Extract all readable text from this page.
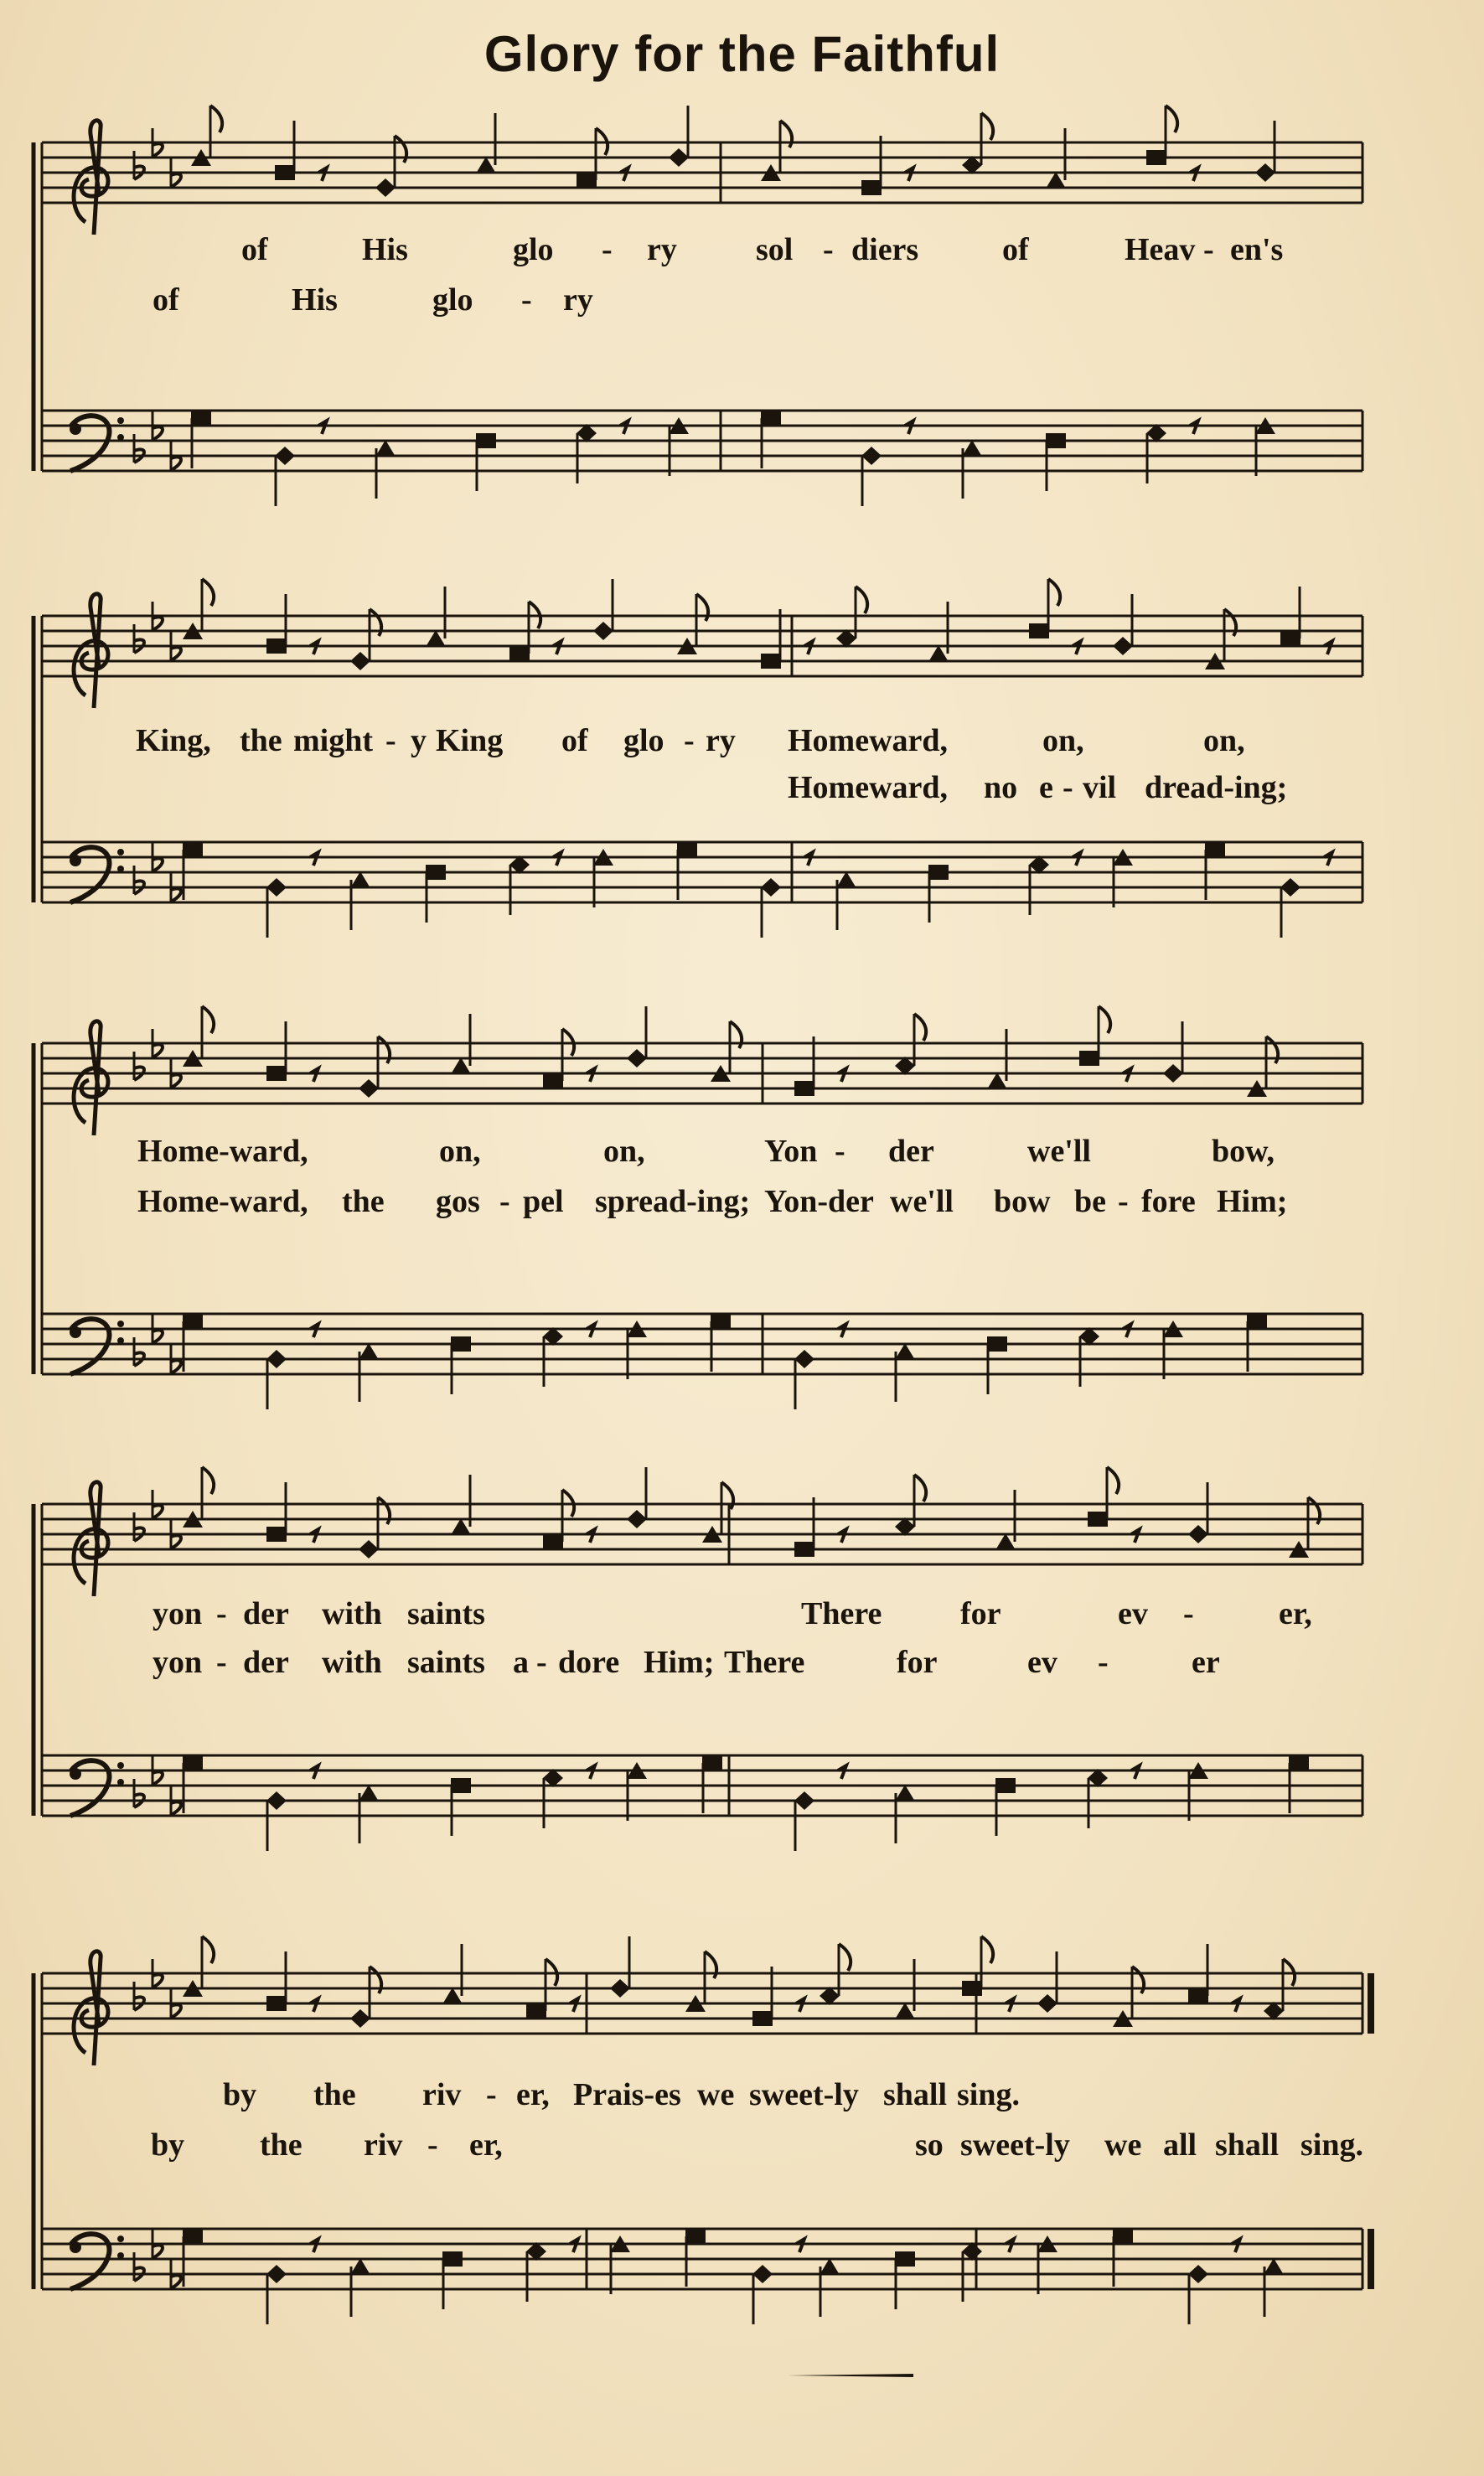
Glory for the Faithful
of	His	glo - ry sol - diers	of	Heav - en's
of	His	glo - ry
King, the might - y King of glo - ry Homeward,	on,	on,
Homeward, no e - vil dread-ing;
Home-ward,	on,	on,	Yon - der	we'll	bow,
Home-ward, the gos - pel spread-ing; Yon-der we'll bow be - fore Him;
yon - der with saints	There for	ev -	er,
yon - der with saints a - dore Him; There	for	ev -	er
by the riv - er, Prais-es we sweet-ly shall sing.
by the riv - er,	so sweet-ly we all shall sing.
